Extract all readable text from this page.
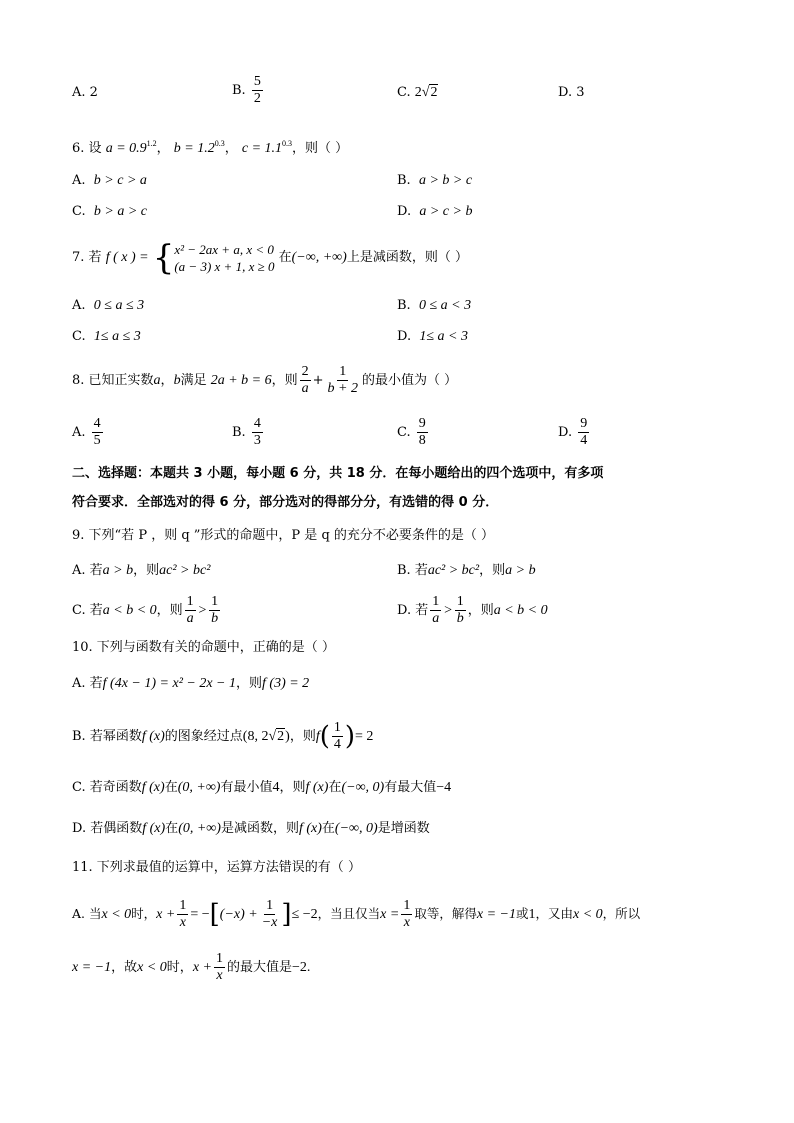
A. 2	B. $\frac{5}{2}$	C. 2√2	D. 3
6. 设 $a = 0.9^{1.2}$， $b = 1.2^{0.3}$， $c = 1.1^{0.3}$，则（ ）
A. b > c > a	B. a > b > c
C. b > a > c	D. a > c > b
7. 若 f ( x ) = { x² − 2ax + a, x < 0
(a − 3) x + 1, x ≥ 0
在(−∞, +∞)上是减函数，则（ ）
A. 0 ≤ a ≤ 3	B. 0 ≤ a < 3
C. 1≤ a ≤ 3	D. 1≤ a < 3
8. 已知正实数a，b满足 2a + b = 6，则 $\frac{2}{a} + \frac{1}{b + 2}$ 的最小值为（ ）
A. $\frac{4}{5}$	B. $\frac{4}{3}$	C. $\frac{9}{8}$	D. $\frac{9}{4}$
二、选择题：本题共 3 小题，每小题 6 分，共 18 分．在每小题给出的四个选项中，有多项
符合要求．全部选对的得 6 分，部分选对的得部分分，有选错的得 0 分．
9. 下列“若 P ，则 q ”形式的命题中，P 是 q 的充分不必要条件的是（ ）
A. 若a > b，则ac² > bc²	B. 若ac² > bc²，则a > b
C. 若a < b < 0，则 $\frac{1}{a} > \frac{1}{b}$	D. 若 $\frac{1}{a} > \frac{1}{b}$ ，则a < b < 0
10. 下列与函数有关的命题中，正确的是（ ）
A. 若f (4x − 1) = x² − 2x − 1，则f (3) = 2
B. 若幂函数f (x)的图象经过点(8, 2√2)，则$f( \frac{1}{4}$ )= 2
C. 若奇函数f (x)在(0, +∞)有最小值4，则f (x)在(−∞, 0)有最大值−4
D. 若偶函数f (x)在(0, +∞)是减函数，则f (x)在(−∞, 0)是增函数
11. 下列求最值的运算中，运算方法错误的有（ ）
A. 当x < 0时，$x + \frac{1}{x} = -[(-x) + \frac{1}{-x}$ ]≤ −2，当且仅当$x = \frac{1}{x}$ 取等，解得x = −1或1，又由x < 0，所以
x = −1，故x < 0时，$x + \frac{1}{x}$ 的最大值是−2.
